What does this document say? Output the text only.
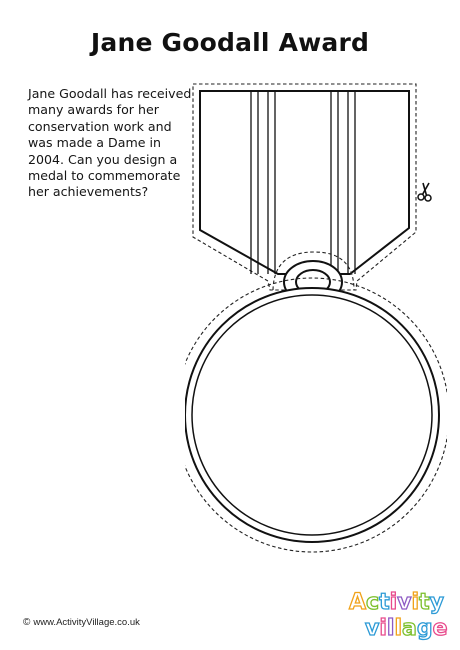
Jane Goodall Award
Jane Goodall has received
many awards for her
conservation work and
was made a Dame in
2004. Can you design a
medal to commemorate
her achievements?
© www.ActivityVillage.co.uk
Activity
village
